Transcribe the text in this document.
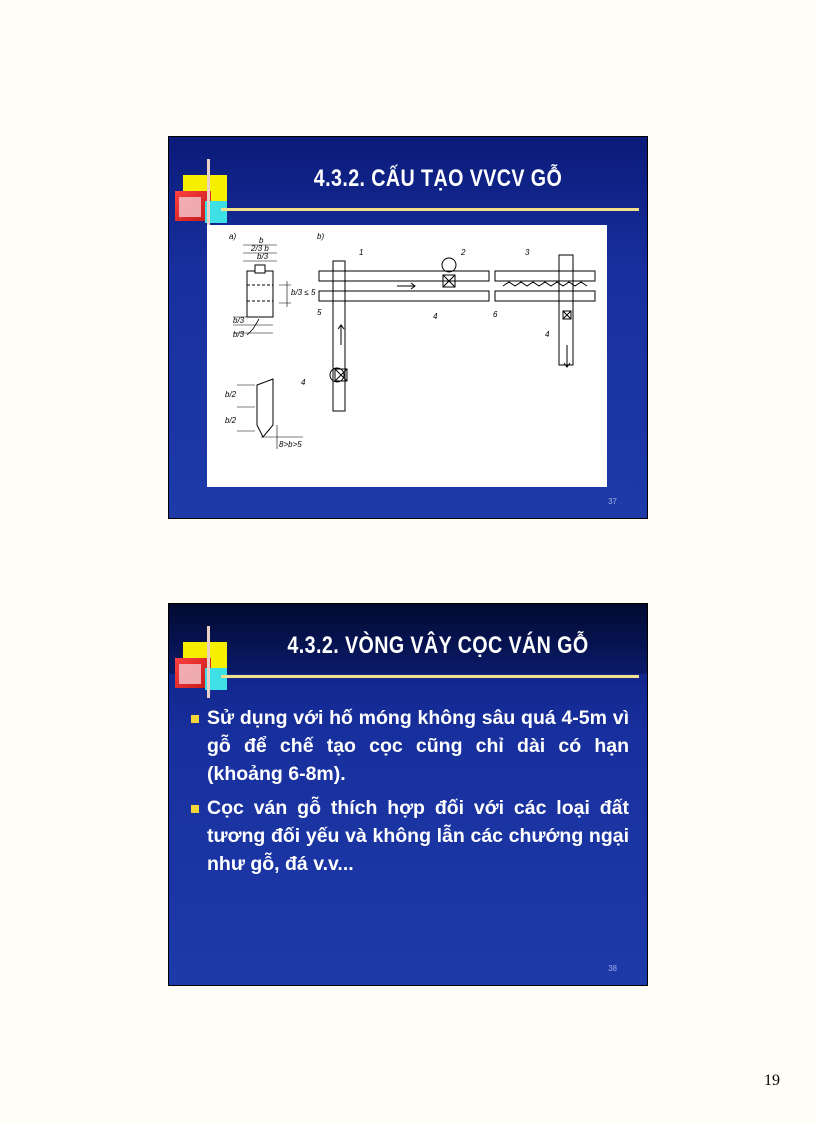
4.3.2. CẤU TẠO VVCV GỖ
a)	b)
b
2/3 b
b/3
b/3 ≤ 5
b/3
b/3
b/2
b/2
8>b>5
1	2	3
4
4
4
5	6
37
4.3.2. VÒNG VÂY CỌC VÁN GỖ
Sử dụng với hố móng không sâu quá 4-5m vì gỗ để chế tạo cọc cũng chỉ dài có hạn (khoảng 6-8m).
Cọc ván gỗ thích hợp đối với các loại đất tương đối yếu và không lẫn các chướng ngại như gỗ, đá v.v...
38
19
